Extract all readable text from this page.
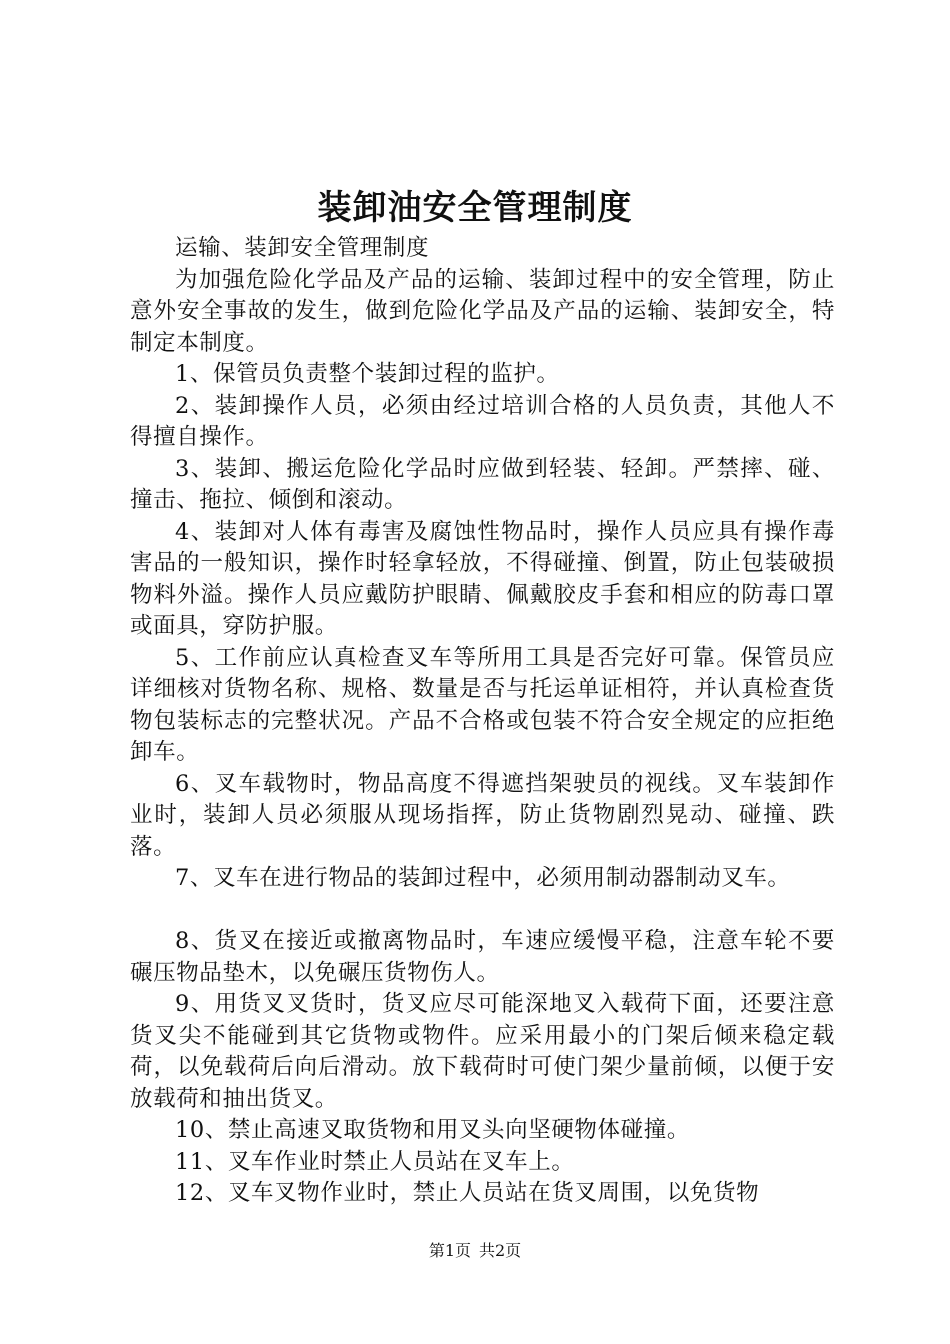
装卸油安全管理制度

运输、装卸安全管理制度

为加强危险化学品及产品的运输、装卸过程中的安全管理，防止意外安全事故的发生，做到危险化学品及产品的运输、装卸安全，特制定本制度。

1、保管员负责整个装卸过程的监护。

2、装卸操作人员，必须由经过培训合格的人员负责，其他人不得擅自操作。

3、装卸、搬运危险化学品时应做到轻装、轻卸。严禁摔、碰、撞击、拖拉、倾倒和滚动。

4、装卸对人体有毒害及腐蚀性物品时，操作人员应具有操作毒害品的一般知识，操作时轻拿轻放，不得碰撞、倒置，防止包装破损物料外溢。操作人员应戴防护眼睛、佩戴胶皮手套和相应的防毒口罩或面具，穿防护服。

5、工作前应认真检查叉车等所用工具是否完好可靠。保管员应详细核对货物名称、规格、数量是否与托运单证相符，并认真检查货物包装标志的完整状况。产品不合格或包装不符合安全规定的应拒绝卸车。

6、叉车载物时，物品高度不得遮挡架驶员的视线。叉车装卸作业时，装卸人员必须服从现场指挥，防止货物剧烈晃动、碰撞、跌落。

7、叉车在进行物品的装卸过程中，必须用制动器制动叉车。

8、货叉在接近或撤离物品时，车速应缓慢平稳，注意车轮不要碾压物品垫木，以免碾压货物伤人。

9、用货叉叉货时，货叉应尽可能深地叉入载荷下面，还要注意货叉尖不能碰到其它货物或物件。应采用最小的门架后倾来稳定载荷，以免载荷后向后滑动。放下载荷时可使门架少量前倾，以便于安放载荷和抽出货叉。

10、禁止高速叉取货物和用叉头向坚硬物体碰撞。

11、叉车作业时禁止人员站在叉车上。

12、叉车叉物作业时，禁止人员站在货叉周围，以免货物

第1页 共2页
